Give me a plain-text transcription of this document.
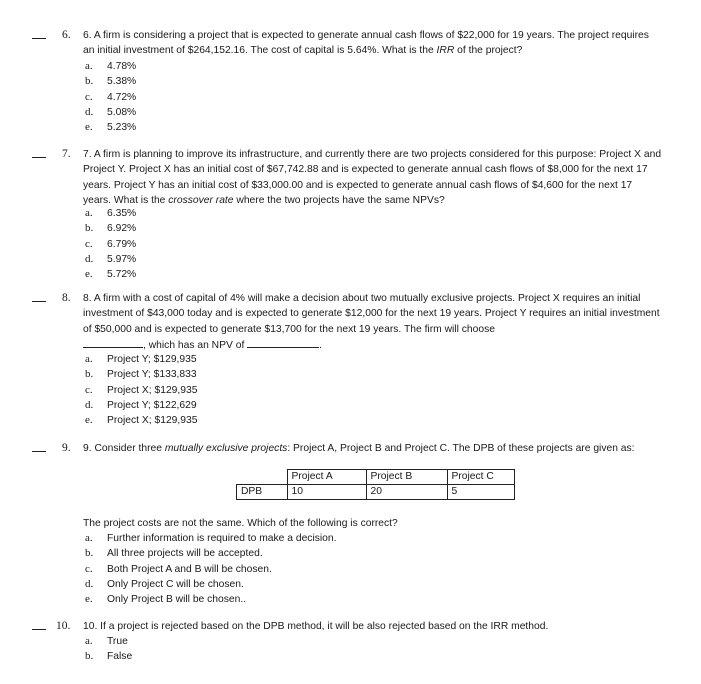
6. 6. A firm is considering a project that is expected to generate annual cash flows of $22,000 for 19 years. The project requires an initial investment of $264,152.16. The cost of capital is 5.64%. What is the IRR of the project?
a. 4.78%
b. 5.38%
c. 4.72%
d. 5.08%
e. 5.23%
7. 7. A firm is planning to improve its infrastructure, and currently there are two projects considered for this purpose: Project X and Project Y. Project X has an initial cost of $67,742.88 and is expected to generate annual cash flows of $8,000 for the next 17 years. Project Y has an initial cost of $33,000.00 and is expected to generate annual cash flows of $4,600 for the next 17 years. What is the crossover rate where the two projects have the same NPVs?
a. 6.35%
b. 6.92%
c. 6.79%
d. 5.97%
e. 5.72%
8. 8. A firm with a cost of capital of 4% will make a decision about two mutually exclusive projects. Project X requires an initial investment of $43,000 today and is expected to generate $12,000 for the next 19 years. Project Y requires an initial investment of $50,000 and is expected to generate $13,700 for the next 19 years. The firm will choose
, which has an NPV of	.
a. Project Y; $129,935
b. Project Y; $133,833
c. Project X; $129,935
d. Project Y; $122,629
e. Project X; $129,935
9. 9. Consider three mutually exclusive projects: Project A, Project B and Project C. The DPB of these projects are given as:
	Project A	Project B	Project C
DPB	10	20	5
The project costs are not the same. Which of the following is correct?
a. Further information is required to make a decision.
b. All three projects will be accepted.
c. Both Project A and B will be chosen.
d. Only Project C will be chosen.
e. Only Project B will be chosen..
10. 10. If a project is rejected based on the DPB method, it will be also rejected based on the IRR method.
a. True
b. False
